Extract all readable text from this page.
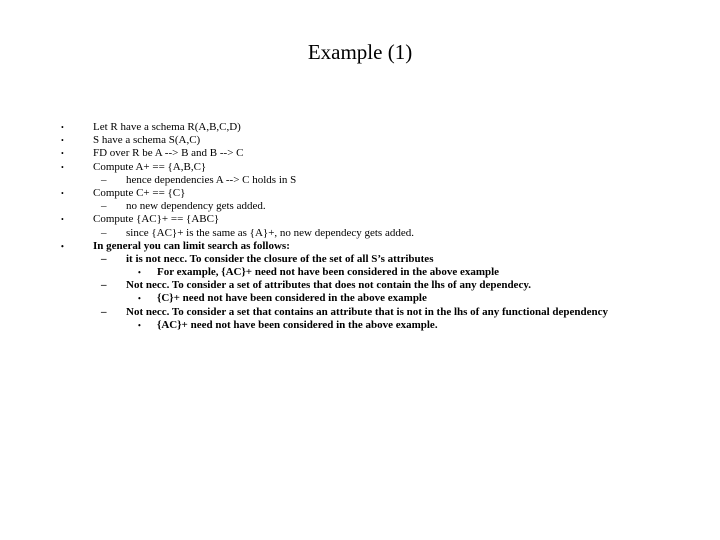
Example (1)
•	Let R have a schema R(A,B,C,D)
•	S have a schema S(A,C)
•	FD over R be A --> B and B --> C
•	Compute A+ == {A,B,C}
– hence dependencies A --> C holds in S
•	Compute C+ == {C}
– no new dependency gets added.
•	Compute {AC}+ == {ABC}
– since {AC}+ is the same as {A}+, no new dependecy gets added.
•	In general you can limit search as follows:
– it is not necc. To consider the closure of the set of all S’s attributes
• For example, {AC}+ need not have been considered in the above example
– Not necc. To consider a set of attributes that does not contain the lhs of any dependecy.
• {C}+ need not have been considered in the above example
– Not necc. To consider a set that contains an attribute that is not in the lhs of any functional dependency
• {AC}+ need not have been considered in the above example.
